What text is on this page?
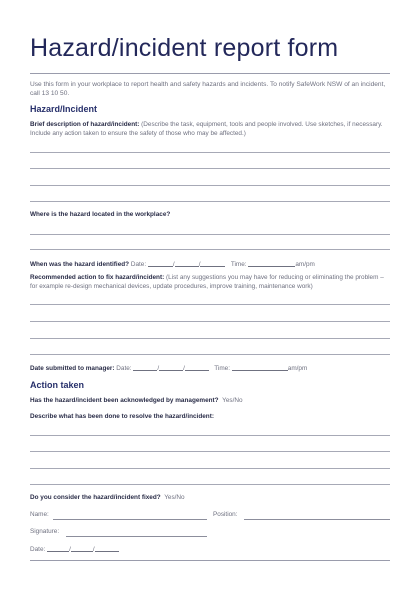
Hazard/incident report form
Use this form in your workplace to report health and safety hazards and incidents. To notify SafeWork NSW of an incident, call 13 10 50.
Hazard/Incident
Brief description of hazard/incident: (Describe the task, equipment, tools and people involved. Use sketches, if necessary. Include any action taken to ensure the safety of those who may be affected.)
Where is the hazard located in the workplace?
When was the hazard identified? Date:	/	/	Time:	am/pm
Recommended action to fix hazard/incident: (List any suggestions you may have for reducing or eliminating the problem – for example re-design mechanical devices, update procedures, improve training, maintenance work)
Date submitted to manager: Date:	/	/	Time:	am/pm
Action taken
Has the hazard/incident been acknowledged by management? Yes/No
Describe what has been done to resolve the hazard/incident:
Do you consider the hazard/incident fixed? Yes/No
Name:	Position:
Signature:
Date:	/	/
